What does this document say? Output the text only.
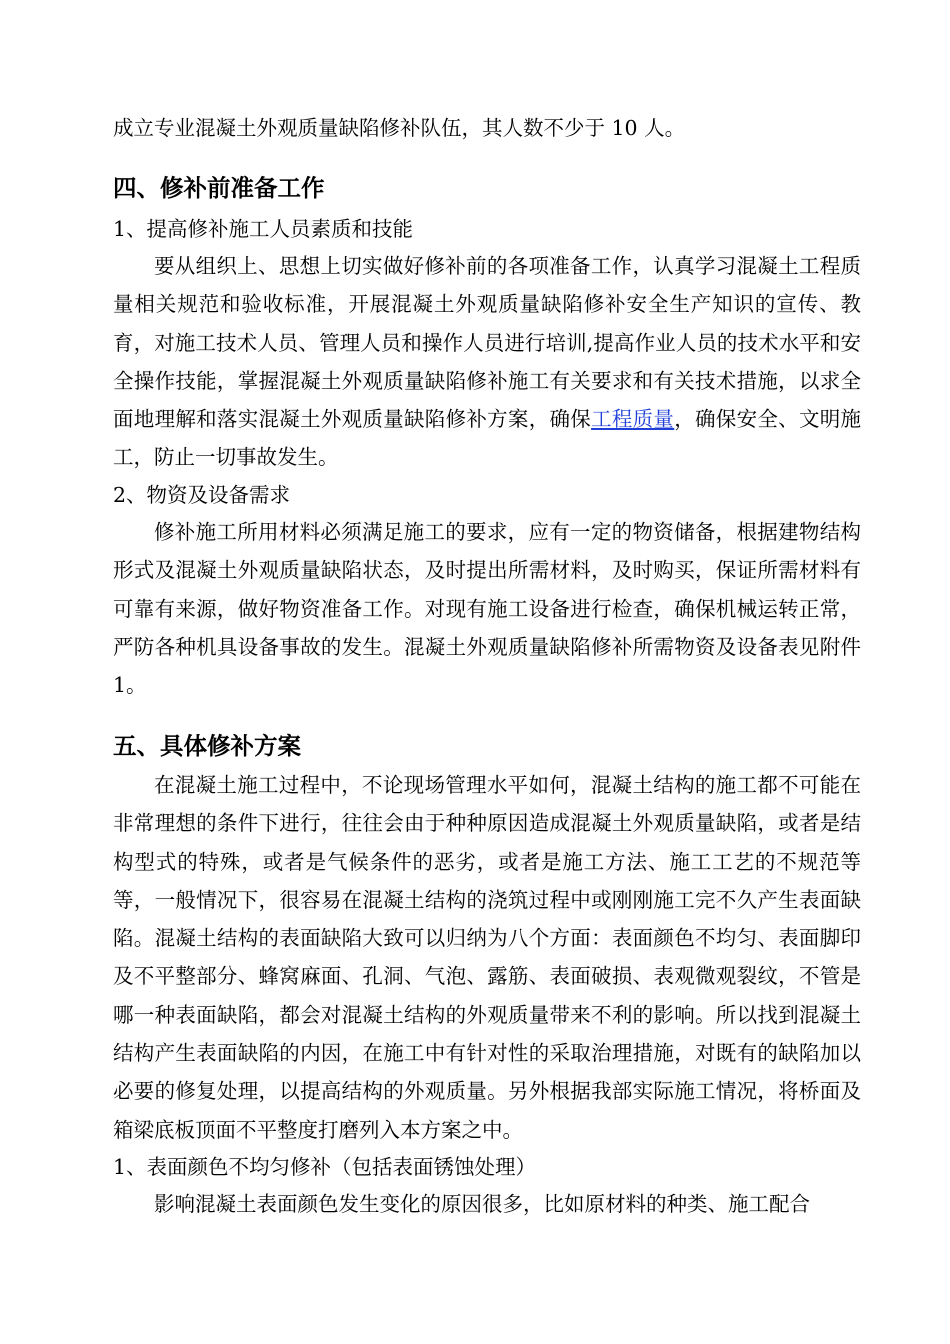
成立专业混凝土外观质量缺陷修补队伍，其人数不少于 10 人。
四、修补前准备工作
1、提高修补施工人员素质和技能
要从组织上、思想上切实做好修补前的各项准备工作，认真学习混凝土工程质量相关规范和验收标准，开展混凝土外观质量缺陷修补安全生产知识的宣传、教育，对施工技术人员、管理人员和操作人员进行培训,提高作业人员的技术水平和安全操作技能，掌握混凝土外观质量缺陷修补施工有关要求和有关技术措施，以求全面地理解和落实混凝土外观质量缺陷修补方案，确保工程质量，确保安全、文明施工，防止一切事故发生。
2、物资及设备需求
修补施工所用材料必须满足施工的要求，应有一定的物资储备，根据建物结构形式及混凝土外观质量缺陷状态，及时提出所需材料，及时购买，保证所需材料有可靠有来源，做好物资准备工作。对现有施工设备进行检查，确保机械运转正常，严防各种机具设备事故的发生。混凝土外观质量缺陷修补所需物资及设备表见附件 1。
五、具体修补方案
在混凝土施工过程中，不论现场管理水平如何，混凝土结构的施工都不可能在非常理想的条件下进行，往往会由于种种原因造成混凝土外观质量缺陷，或者是结构型式的特殊，或者是气候条件的恶劣，或者是施工方法、施工工艺的不规范等等，一般情况下，很容易在混凝土结构的浇筑过程中或刚刚施工完不久产生表面缺陷。混凝土结构的表面缺陷大致可以归纳为八个方面：表面颜色不均匀、表面脚印及不平整部分、蜂窝麻面、孔洞、气泡、露筋、表面破损、表观微观裂纹，不管是哪一种表面缺陷，都会对混凝土结构的外观质量带来不利的影响。所以找到混凝土结构产生表面缺陷的内因，在施工中有针对性的采取治理措施，对既有的缺陷加以必要的修复处理，以提高结构的外观质量。另外根据我部实际施工情况，将桥面及箱梁底板顶面不平整度打磨列入本方案之中。
1、表面颜色不均匀修补（包括表面锈蚀处理）
影响混凝土表面颜色发生变化的原因很多，比如原材料的种类、施工配合
